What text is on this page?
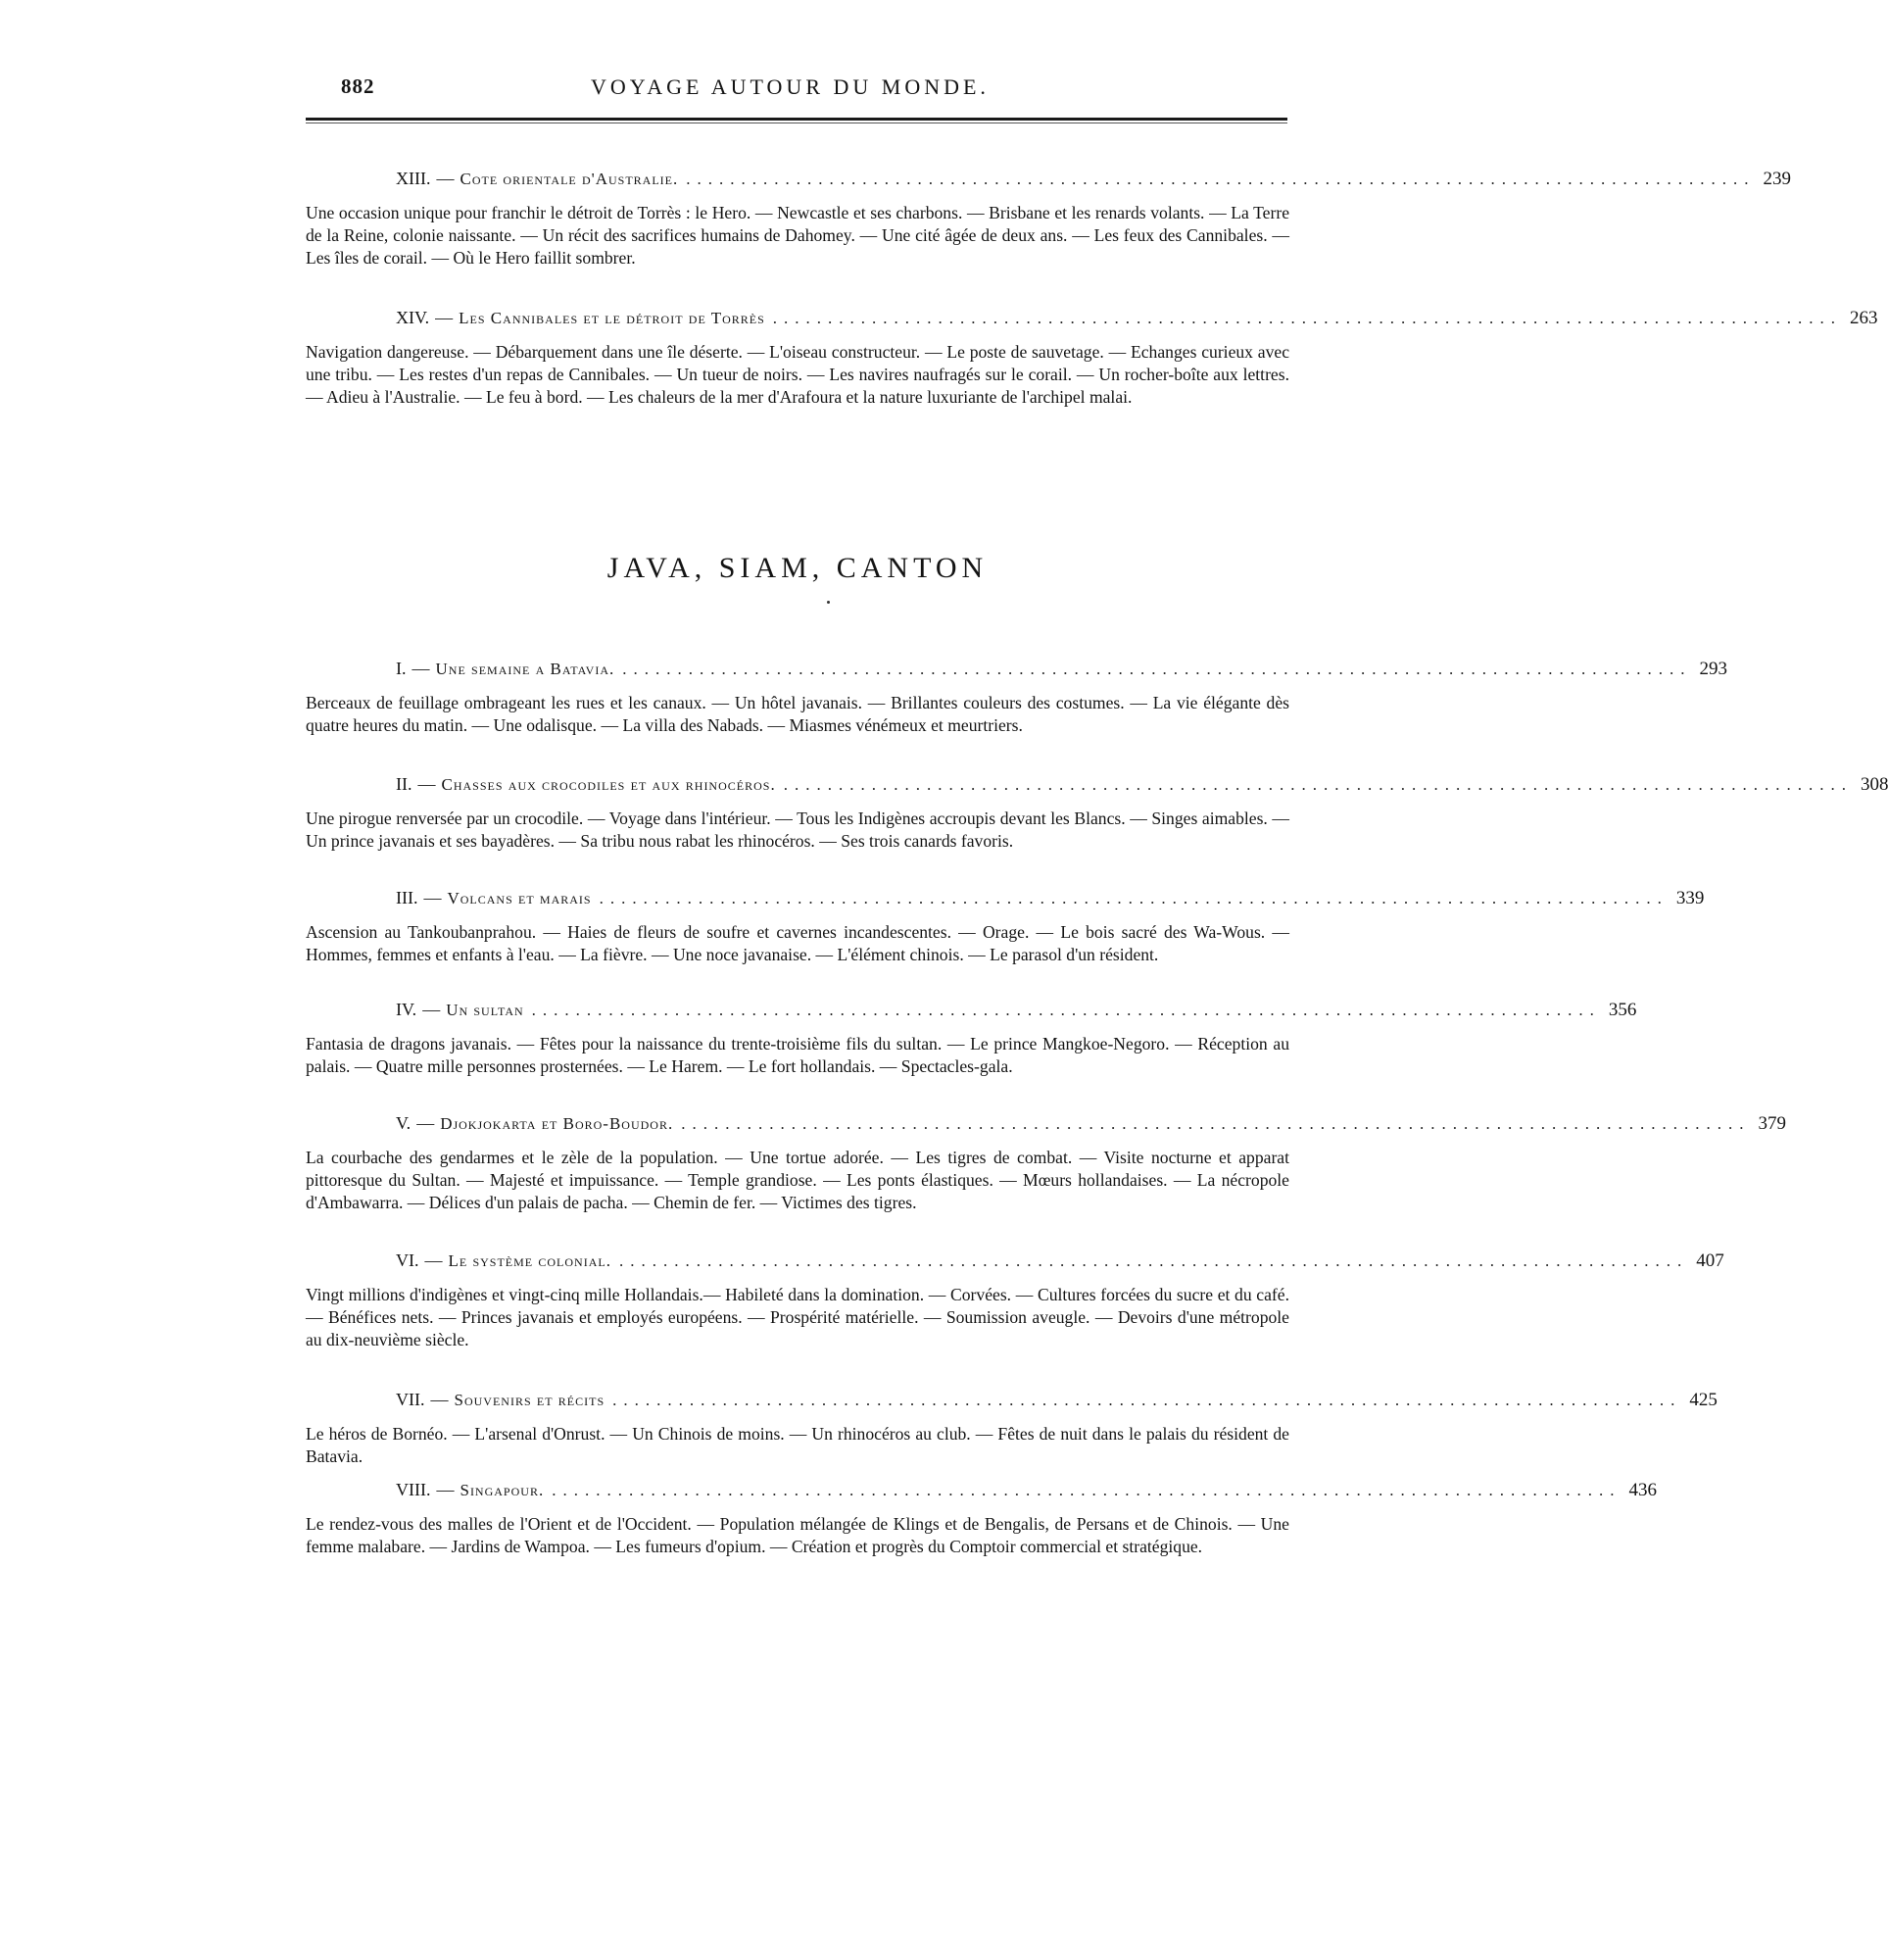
882	VOYAGE AUTOUR DU MONDE.
XIII. — Cote orientale d'Australie. ................................................................................................. 239

Une occasion unique pour franchir le détroit de Torrès : le Hero. — Newcastle et ses charbons. — Brisbane et les renards volants. — La Terre de la Reine, colonie naissante. — Un récit des sacrifices humains de Dahomey. — Une cité âgée de deux ans. — Les feux des Cannibales. — Les îles de corail. — Où le Hero faillit sombrer.

XIV. — Les Cannibales et le détroit de Torrès ................................................................................................. 263

Navigation dangereuse. — Débarquement dans une île déserte. — L'oiseau constructeur. — Le poste de sauvetage. — Echanges curieux avec une tribu. — Les restes d'un repas de Cannibales. — Un tueur de noirs. — Les navires naufragés sur le corail. — Un rocher-boîte aux lettres. — Adieu à l'Australie. — Le feu à bord. — Les chaleurs de la mer d'Arafoura et la nature luxuriante de l'archipel malai.

JAVA, SIAM, CANTON
I. — Une semaine a Batavia. ................................................................................................. 293

Berceaux de feuillage ombrageant les rues et les canaux. — Un hôtel javanais. — Brillantes couleurs des costumes. — La vie élégante dès quatre heures du matin. — Une odalisque. — La villa des Nabads. — Miasmes vénémeux et meurtriers.

II. — Chasses aux crocodiles et aux rhinocéros. ................................................................................................. 308

Une pirogue renversée par un crocodile. — Voyage dans l'intérieur. — Tous les Indigènes accroupis devant les Blancs. — Singes aimables. — Un prince javanais et ses bayadères. — Sa tribu nous rabat les rhinocéros. — Ses trois canards favoris.

III. — Volcans et marais ................................................................................................. 339

Ascension au Tankoubanprahou. — Haies de fleurs de soufre et cavernes incandescentes. — Orage. — Le bois sacré des Wa-Wous. — Hommes, femmes et enfants à l'eau. — La fièvre. — Une noce javanaise. — L'élément chinois. — Le parasol d'un résident.

IV. — Un sultan ................................................................................................. 356

Fantasia de dragons javanais. — Fêtes pour la naissance du trente-troisième fils du sultan. — Le prince Mangkoe-Negoro. — Réception au palais. — Quatre mille personnes prosternées. — Le Harem. — Le fort hollandais. — Spectacles-gala.

V. — Djokjokarta et Boro-Boudor. ................................................................................................. 379

La courbache des gendarmes et le zèle de la population. — Une tortue adorée. — Les tigres de combat. — Visite nocturne et apparat pittoresque du Sultan. — Majesté et impuissance. — Temple grandiose. — Les ponts élastiques. — Mœurs hollandaises. — La nécropole d'Ambawarra. — Délices d'un palais de pacha. — Chemin de fer. — Victimes des tigres.

VI. — Le système colonial. ................................................................................................. 407

Vingt millions d'indigènes et vingt-cinq mille Hollandais.— Habileté dans la domination. — Corvées. — Cultures forcées du sucre et du café. — Bénéfices nets. — Princes javanais et employés européens. — Prospérité matérielle. — Soumission aveugle. — Devoirs d'une métropole au dix-neuvième siècle.

VII. — Souvenirs et récits ................................................................................................. 425

Le héros de Bornéo. — L'arsenal d'Onrust. — Un Chinois de moins. — Un rhinocéros au club. — Fêtes de nuit dans le palais du résident de Batavia.

VIII. — Singapour. ................................................................................................. 436

Le rendez-vous des malles de l'Orient et de l'Occident. — Population mélangée de Klings et de Bengalis, de Persans et de Chinois. — Une femme malabare. — Jardins de Wampoa. — Les fumeurs d'opium. — Création et progrès du Comptoir commercial et stratégique.
